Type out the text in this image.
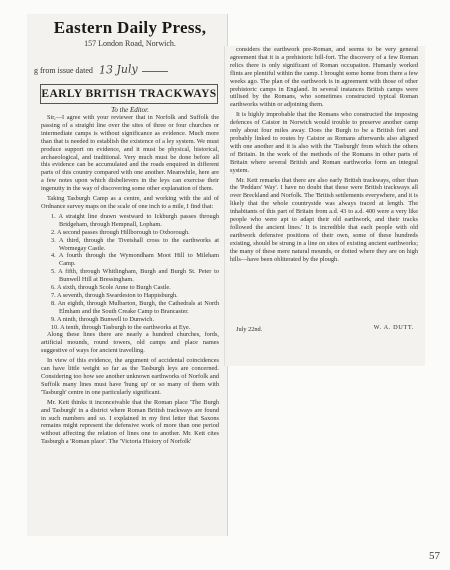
Eastern Daily Press,
157 London Road, Norwich.
g from issue dated 13 July
EARLY BRITISH TRACKWAYS
To the Editor.

Sir,—I agree with your reviewer that in Norfolk and Suffolk the passing of a straight line over the sites of three or four churches or intermediate camps is without significance as evidence. Much more than that is needed to establish the existence of a ley system. We must produce support on evidence, and it must be physical, historical, archaeological, and traditional. Very much must be done before all this evidence can be accumulated and the roads enquired in different parts of this country compared with one another. Meanwhile, here are a few notes upon which disbelievers in the leys can exercise their ingenuity in the way of discovering some other explanation of them.

Taking Tasburgh Camp as a centre, and working with the aid of Ordnance survey maps on the scale of one inch to a mile, I find that:

1. A straight line drawn westward to Ickburgh passes through Bridgeham, through Hempnall, Lopham.

2. A second passes through Hillborough to Oxborough.

3. A third, through the Tivetshall cross to the earthworks at Wormegay Castle.

4. A fourth through the Wymondham Moot Hill to Mileham Camp.

5. A fifth, through Whitlingham, Burgh and Burgh St. Peter to Bunwell Hill at Bressingham.

6. A sixth, through Scole Anne to Burgh Castle.

7. A seventh, through Swardeston to Happisburgh.

8. An eighth, through Mulbarton, Burgh, the Cathedrals at North Elmham and the South Creake Camp to Brancaster.

9. A ninth, through Bunwell to Dunwich.

10. A tenth, through Tasburgh to the earthworks at Eye.

Along these lines there are nearly a hundred churches, fords, artificial mounds, round towers, old camps and place names suggestive of ways for ancient travelling.

In view of this evidence, the argument of accidental coincidences can have little weight so far as the Tasburgh leys are concerned. Considering too how see another unknown earthworks of Norfolk and Suffolk many lines must have 'hung up' or so many of them with 'Tasburgh' centre in one particularly significant.

Mr. Kett thinks it inconceivable that the Roman place 'The Burgh and Tasburgh' in a district where Roman British trackways are found in such numbers and so. I explained in my first letter that Saxons remains might represent the defensive work of more than one period without affecting the relation of lines one to another. Mr. Kett cites Tasburgh a 'Roman place'. The 'Victoria History of Norfolk'

considers the earthwork pre-Roman, and seems to be very general agreement that it is a prehistoric hill-fort. The discovery of a few Roman relics there is only significant of Roman occupation. Humanly worked flints are plentiful within the camp. I brought some home from there a few weeks ago. The plan of the earthwork is in agreement with those of other prehistoric camps in England. In several instances British camps were utilised by the Romans, who sometimes constructed typical Roman earthworks within or adjoining them.

It is highly improbable that the Romans who constructed the imposing defences of Caistor in Norwich would trouble to preserve another camp only about four miles away. Does the Burgh to be a British fort and probably linked to routes by Caistor as Romans afterwards also aligned with one another and it is also with the 'Tasburgh' from which the others of Britain. In the work of the methods of the Romans in other parts of Britain where several British and Roman earthworks form an integral system.

Mr. Kett remarks that there are also early British trackways, other than the 'Peddars' Way'. I have no doubt that these were British trackways all over Breckland and Norfolk. The 'British settlements everywhere, and it is likely that the whole countryside was always traced at length. The inhabitants of this part of Britain from a.d. 43 to a.d. 400 were a very like people who were apt to adapt their old earthwork, and their tracks followed the ancient lines.' It is incredible that each people with old earthwork defensive positions of their own, some of these hundreds existing, should be strung in a line on sites of existing ancient earthworks; the many of these mere natural mounds, or dotted where they are on high hills—have been obliterated by the plough.

July 22nd.	W. A. DUTT.
57
